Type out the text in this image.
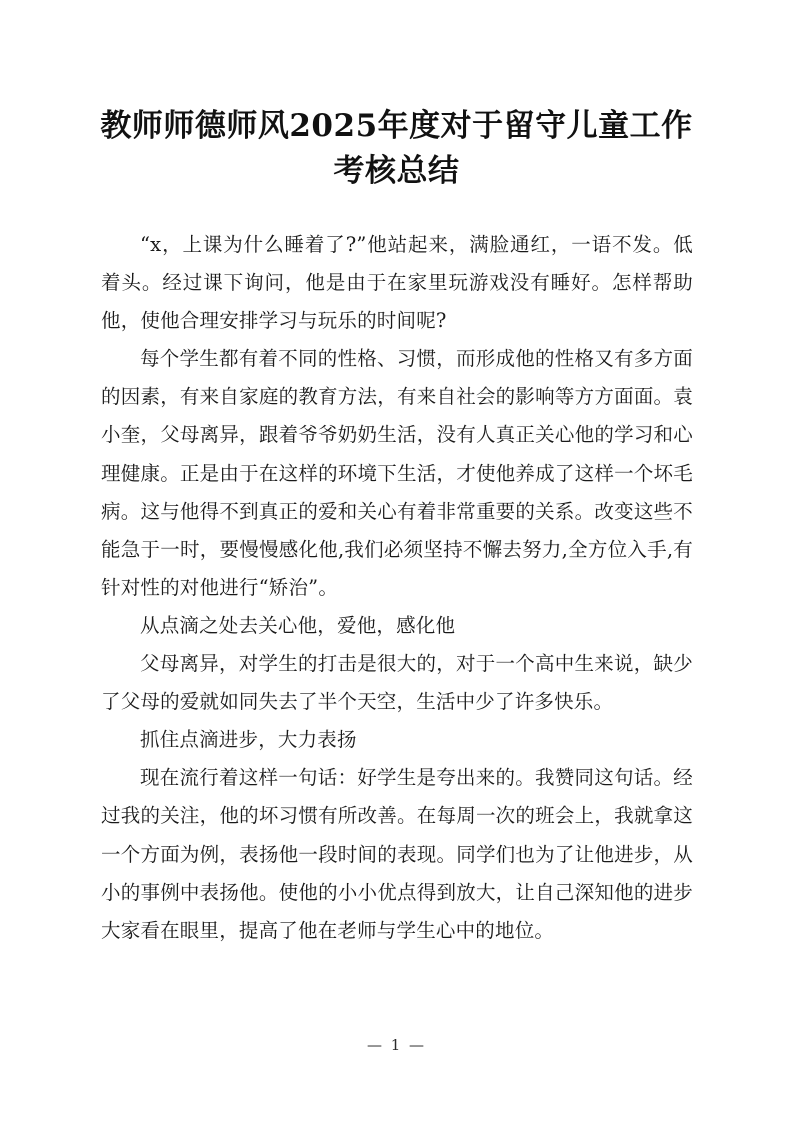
教师师德师风2025年度对于留守儿童工作考核总结

“x，上课为什么睡着了?”他站起来，满脸通红，一语不发。低着头。经过课下询问，他是由于在家里玩游戏没有睡好。怎样帮助他，使他合理安排学习与玩乐的时间呢?

每个学生都有着不同的性格、习惯，而形成他的性格又有多方面的因素，有来自家庭的教育方法，有来自社会的影响等方方面面。袁小奎，父母离异，跟着爷爷奶奶生活，没有人真正关心他的学习和心理健康。正是由于在这样的环境下生活，才使他养成了这样一个坏毛病。这与他得不到真正的爱和关心有着非常重要的关系。改变这些不能急于一时，要慢慢感化他,我们必须坚持不懈去努力,全方位入手,有针对性的对他进行“矫治”。

从点滴之处去关心他，爱他，感化他

父母离异，对学生的打击是很大的，对于一个高中生来说，缺少了父母的爱就如同失去了半个天空，生活中少了许多快乐。

抓住点滴进步，大力表扬

现在流行着这样一句话：好学生是夸出来的。我赞同这句话。经过我的关注，他的坏习惯有所改善。在每周一次的班会上，我就拿这一个方面为例，表扬他一段时间的表现。同学们也为了让他进步，从小的事例中表扬他。使他的小小优点得到放大，让自己深知他的进步大家看在眼里，提高了他在老师与学生心中的地位。

— 1 —
